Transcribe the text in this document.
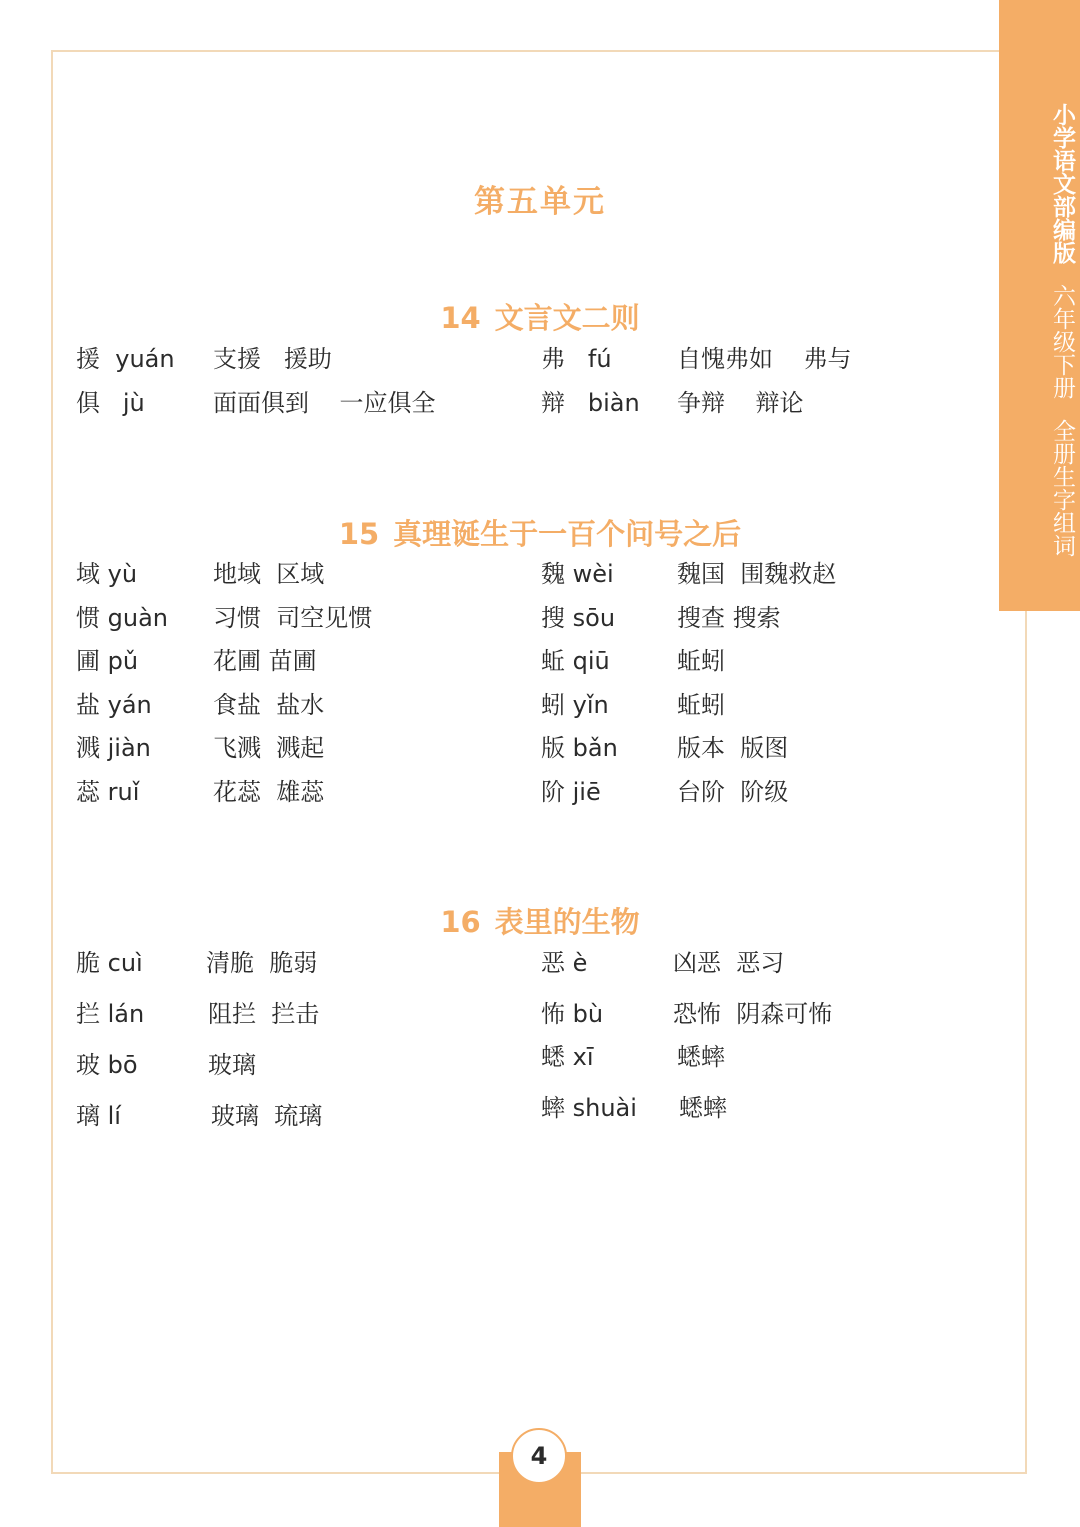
小学语文部编版
六年级下册
全册生字组词
第五单元
14 文言文二则
援  yuán 支援   援助
俱   jù	面面俱到    一应俱全
弗   fú	自愧弗如    弗与
辩   biàn 争辩    辩论
15 真理诞生于一百个问号之后
域 yù	地域  区域
惯 guàn 习惯  司空见惯
圃 pǔ	花圃 苗圃
盐 yán	食盐  盐水
溅 jiàn	飞溅  溅起
蕊 ruǐ	花蕊  雄蕊
魏 wèi	魏国  围魏救赵
搜 sōu	搜查 搜索
蚯 qiū	蚯蚓
蚓 yǐn	蚯蚓
版 bǎn 版本  版图
阶 jiē	台阶  阶级
16 表里的生物
脆 cuì	清脆  脆弱
拦 lán	阻拦  拦击
玻 bō	玻璃
璃 lí	玻璃  琉璃
恶 è	凶恶  恶习
怖 bù	恐怖  阴森可怖
蟋 xī	蟋蟀
蟀 shuài 蟋蟀
4
